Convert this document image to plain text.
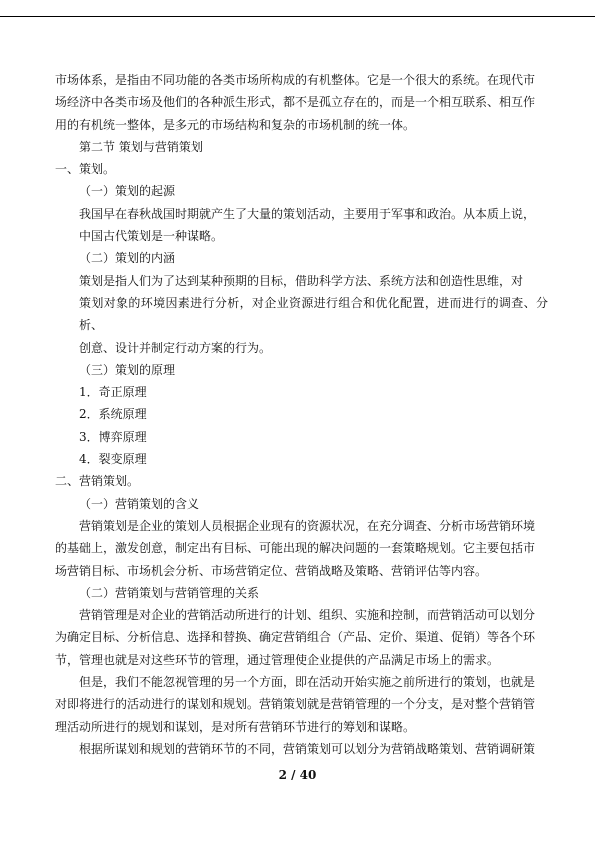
市场体系，是指由不同功能的各类市场所构成的有机整体。它是一个很大的系统。在现代市
场经济中各类市场及他们的各种派生形式，都不是孤立存在的，而是一个相互联系、相互作
用的有机统一整体，是多元的市场结构和复杂的市场机制的统一体。
第二节 策划与营销策划
一、策划。
（一）策划的起源
我国早在春秋战国时期就产生了大量的策划活动，主要用于军事和政治。从本质上说，
中国古代策划是一种谋略。
（二）策划的内涵
策划是指人们为了达到某种预期的目标，借助科学方法、系统方法和创造性思维，对
策划对象的环境因素进行分析，对企业资源进行组合和优化配置，进而进行的调查、分析、
创意、设计并制定行动方案的行为。
（三）策划的原理
1．奇正原理
2．系统原理
3．博弈原理
4．裂变原理
二、营销策划。
（一）营销策划的含义
营销策划是企业的策划人员根据企业现有的资源状况，在充分调查、分析市场营销环境
的基础上，激发创意，制定出有目标、可能出现的解决问题的一套策略规划。它主要包括市
场营销目标、市场机会分析、市场营销定位、营销战略及策略、营销评估等内容。
（二）营销策划与营销管理的关系
营销管理是对企业的营销活动所进行的计划、组织、实施和控制，而营销活动可以划分
为确定目标、分析信息、选择和替换、确定营销组合（产品、定价、渠道、促销）等各个环
节，管理也就是对这些环节的管理，通过管理使企业提供的产品满足市场上的需求。
但是，我们不能忽视管理的另一个方面，即在活动开始实施之前所进行的策划，也就是
对即将进行的活动进行的谋划和规划。营销策划就是营销管理的一个分支，是对整个营销管
理活动所进行的规划和谋划，是对所有营销环节进行的筹划和谋略。
根据所谋划和规划的营销环节的不同，营销策划可以划分为营销战略策划、营销调研策
2 / 40
